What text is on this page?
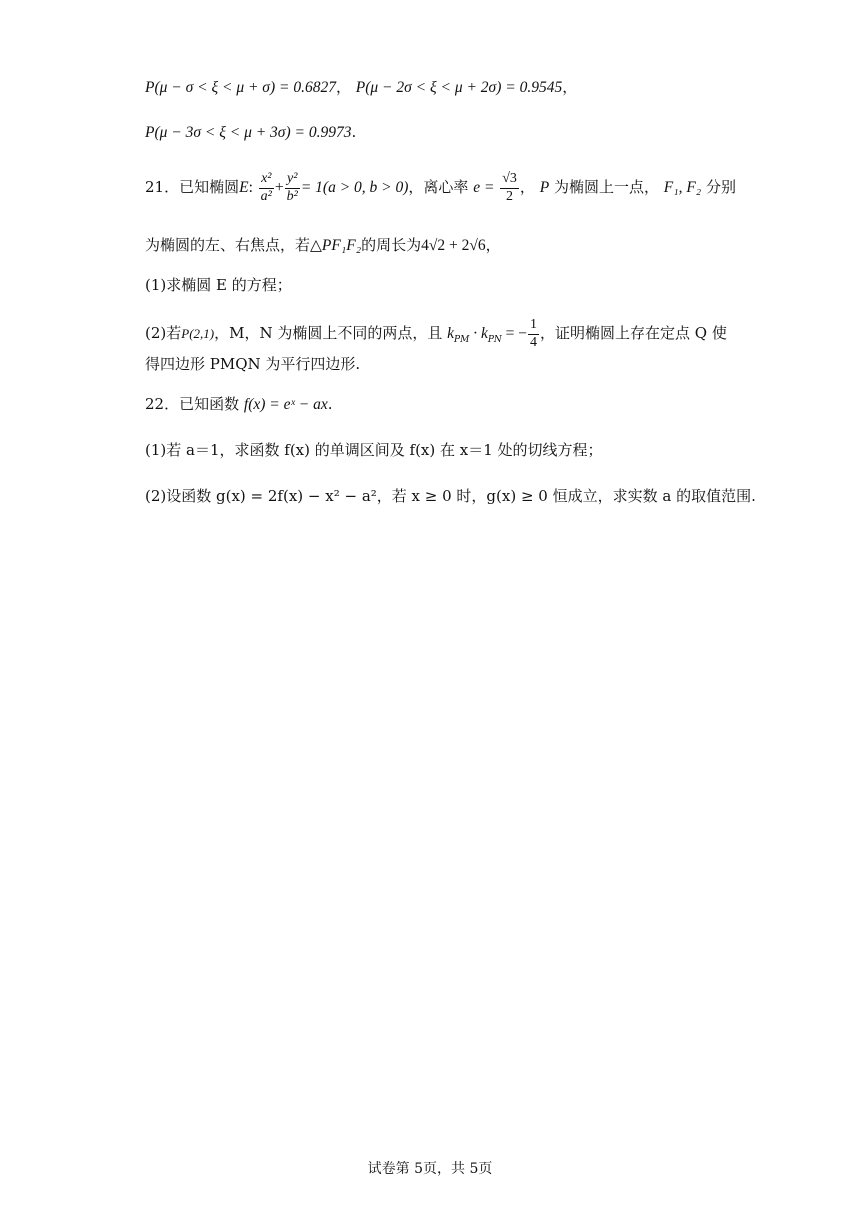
P(μ − σ < ξ < μ + σ) = 0.6827， P(μ − 2σ < ξ < μ + 2σ) = 0.9545，
P(μ − 3σ < ξ < μ + 3σ) = 0.9973.
21．已知椭圆E: $\frac{\text{x²}}{\text{a²}} + \frac{\text{y²}}{\text{b²}} = 1(a > 0$, b > 0)，离心率 $e = \frac{√3}{2}$ ， P 为椭圆上一点， F₁, F₂ 分别
为椭圆的左、右焦点，若△PF₁F₂的周长为4√2 + 2√6，
(1)求椭圆 E 的方程；
(2)若P(2,1)，M，N 为椭圆上不同的两点，且 $k_{PM} \cdot k_{PN}$ = − $\frac{1}{4}$ ，证明椭圆上存在定点 Q 使
得四边形 PMQN 为平行四边形.
22．已知函数 f(x) = eˣ − ax.
(1)若 a＝1，求函数 f(x) 的单调区间及 f(x) 在 x＝1 处的切线方程；
(2)设函数 g(x) = 2f(x) − x² − a²，若 x ≥ 0 时，g(x) ≥ 0 恒成立，求实数 a 的取值范围.
试卷第 5页，共 5页
